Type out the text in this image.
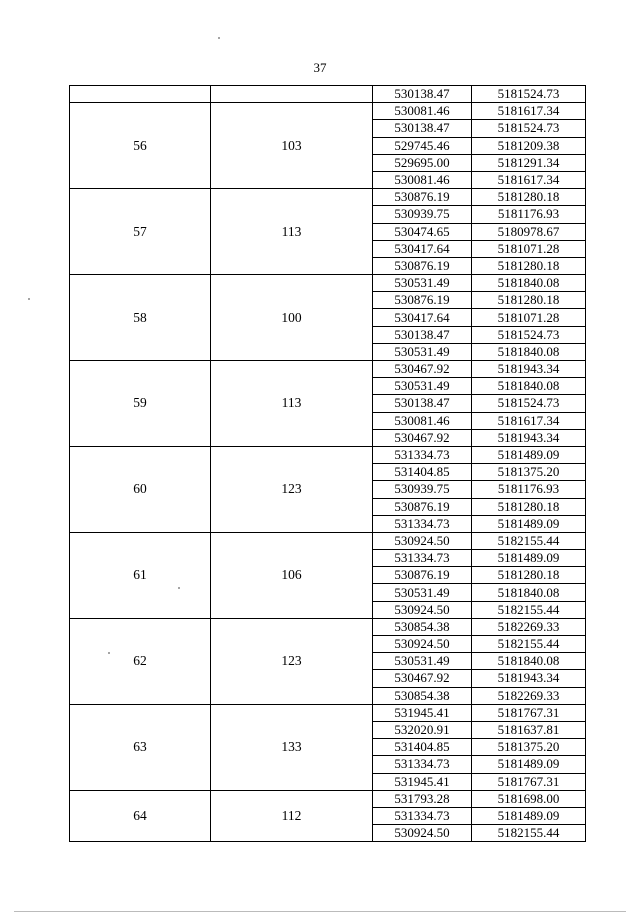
37
		530138.47	5181524.73
56	103	530081.46	5181617.34
		530138.47	5181524.73
		529745.46	5181209.38
		529695.00	5181291.34
		530081.46	5181617.34
57	113	530876.19	5181280.18
		530939.75	5181176.93
		530474.65	5180978.67
		530417.64	5181071.28
		530876.19	5181280.18
58	100	530531.49	5181840.08
		530876.19	5181280.18
		530417.64	5181071.28
		530138.47	5181524.73
		530531.49	5181840.08
59	113	530467.92	5181943.34
		530531.49	5181840.08
		530138.47	5181524.73
		530081.46	5181617.34
		530467.92	5181943.34
60	123	531334.73	5181489.09
		531404.85	5181375.20
		530939.75	5181176.93
		530876.19	5181280.18
		531334.73	5181489.09
61	106	530924.50	5182155.44
		531334.73	5181489.09
		530876.19	5181280.18
		530531.49	5181840.08
		530924.50	5182155.44
62	123	530854.38	5182269.33
		530924.50	5182155.44
		530531.49	5181840.08
		530467.92	5181943.34
		530854.38	5182269.33
63	133	531945.41	5181767.31
		532020.91	5181637.81
		531404.85	5181375.20
		531334.73	5181489.09
		531945.41	5181767.31
64	112	531793.28	5181698.00
		531334.73	5181489.09
		530924.50	5182155.44
